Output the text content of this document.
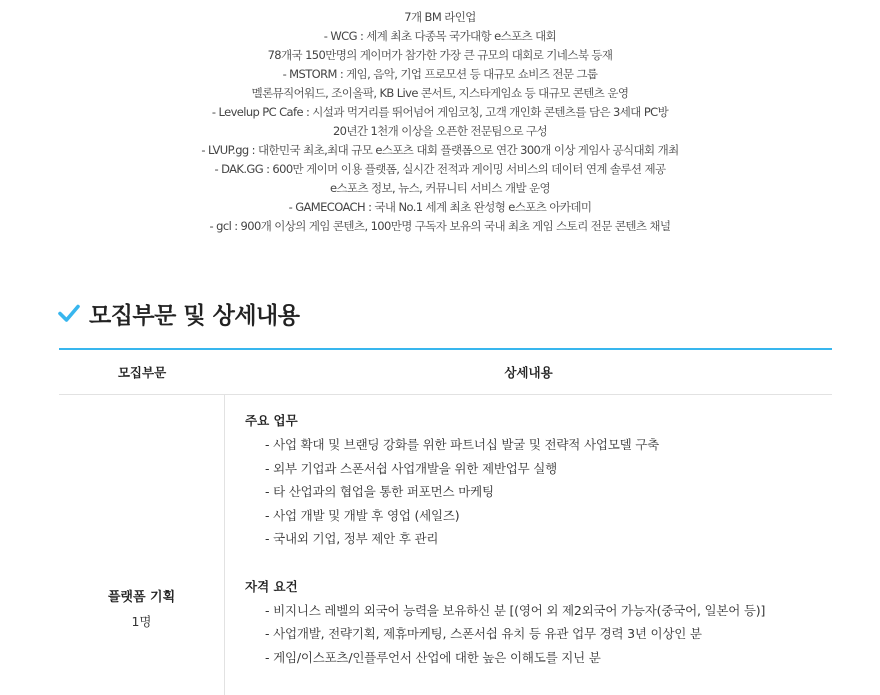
7개 BM 라인업
- WCG : 세계 최초 다종목 국가대항 e스포츠 대회
78개국 150만명의 게이머가 참가한 가장 큰 규모의 대회로 기네스북 등재
- MSTORM : 게임, 음악, 기업 프로모션 등 대규모 쇼비즈 전문 그룹
멜론뮤직어워드, 조이올팍, KB Live 콘서트, 지스타게임쇼 등 대규모 콘텐츠 운영
- Levelup PC Cafe : 시설과 먹거리를 뛰어넘어 게임코칭, 고객 개인화 콘텐츠를 담은 3세대 PC방
20년간 1천개 이상을 오픈한 전문팀으로 구성
- LVUP.gg : 대한민국 최초,최대 규모 e스포츠 대회 플랫폼으로 연간 300개 이상 게임사 공식대회 개최
- DAK.GG : 600만 게이머 이용 플랫폼, 실시간 전적과 게이밍 서비스의 데이터 연계 솔루션 제공
e스포츠 정보, 뉴스, 커뮤니티 서비스 개발 운영
- GAMECOACH : 국내 No.1 세계 최초 완성형 e스포츠 아카데미
- gcl : 900개 이상의 게임 콘텐츠, 100만명 구독자 보유의 국내 최초 게임 스토리 전문 콘텐츠 채널
모집부문 및 상세내용
모집부문	상세내용
플랫폼 기획
1명
주요 업무
- 사업 확대 및 브랜딩 강화를 위한 파트너십 발굴 및 전략적 사업모델 구축
- 외부 기업과 스폰서쉽 사업개발을 위한 제반업무 실행
- 타 산업과의 협업을 통한 퍼포먼스 마케팅
- 사업 개발 및 개발 후 영업 (세일즈)
- 국내외 기업, 정부 제안 후 관리
자격 요건
- 비지니스 레벨의 외국어 능력을 보유하신 분 [(영어 외 제2외국어 가능자(중국어, 일본어 등)]
- 사업개발, 전략기획, 제휴마케팅, 스폰서쉽 유치 등 유관 업무 경력 3년 이상인 분
- 게임/이스포츠/인플루언서 산업에 대한 높은 이해도를 지닌 분
